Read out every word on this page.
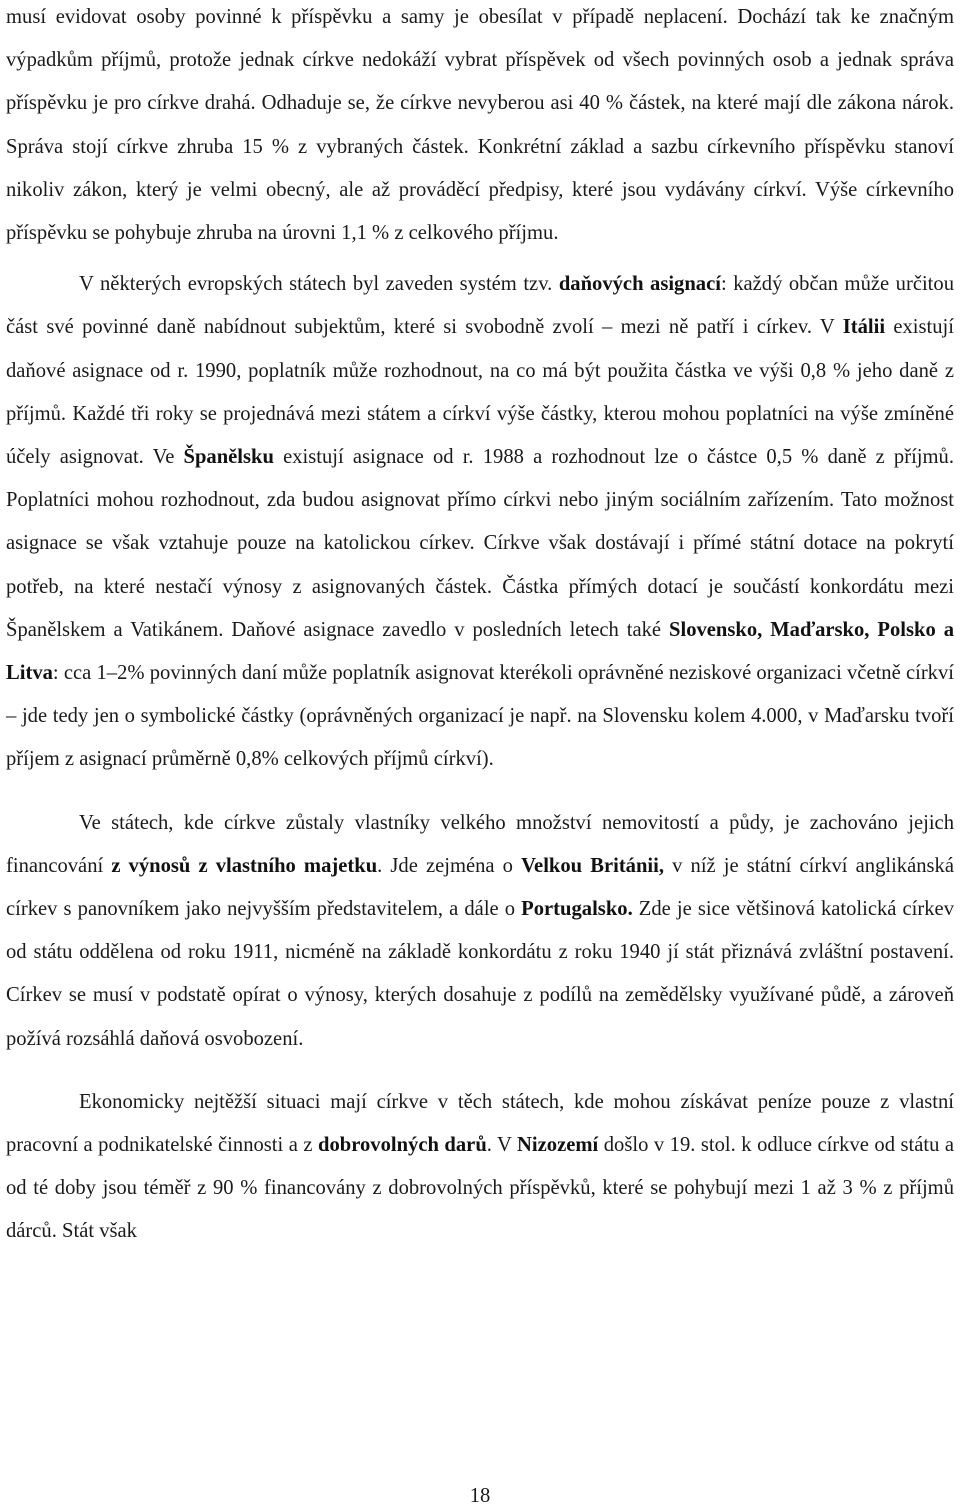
musí evidovat osoby povinné k příspěvku a samy je obesílat v případě neplacení. Dochází tak ke značným výpadkům příjmů, protože jednak církve nedokáží vybrat příspěvek od všech povinných osob a jednak správa příspěvku je pro církve drahá. Odhaduje se, že církve nevyberou asi 40 % částek, na které mají dle zákona nárok. Správa stojí církve zhruba 15 % z vybraných částek. Konkrétní základ a sazbu církevního příspěvku stanoví nikoliv zákon, který je velmi obecný, ale až prováděcí předpisy, které jsou vydávány církví. Výše církevního příspěvku se pohybuje zhruba na úrovni 1,1 % z celkového příjmu.

V některých evropských státech byl zaveden systém tzv. daňových asignací: každý občan může určitou část své povinné daně nabídnout subjektům, které si svobodně zvolí – mezi ně patří i církev. V Itálii existují daňové asignace od r. 1990, poplatník může rozhodnout, na co má být použita částka ve výši 0,8 % jeho daně z příjmů. Každé tři roky se projednává mezi státem a církví výše částky, kterou mohou poplatníci na výše zmíněné účely asignovat. Ve Španělsku existují asignace od r. 1988 a rozhodnout lze o částce 0,5 % daně z příjmů. Poplatníci mohou rozhodnout, zda budou asignovat přímo církvi nebo jiným sociálním zařízením. Tato možnost asignace se však vztahuje pouze na katolickou církev. Církve však dostávají i přímé státní dotace na pokrytí potřeb, na které nestačí výnosy z asignovaných částek. Částka přímých dotací je součástí konkordátu mezi Španělskem a Vatikánem. Daňové asignace zavedlo v posledních letech také Slovensko, Maďarsko, Polsko a Litva: cca 1–2% povinných daní může poplatník asignovat kterékoli oprávněné neziskové organizaci včetně církví – jde tedy jen o symbolické částky (oprávněných organizací je např. na Slovensku kolem 4.000, v Maďarsku tvoří příjem z asignací průměrně 0,8% celkových příjmů církví).

Ve státech, kde církve zůstaly vlastníky velkého množství nemovitostí a půdy, je zachováno jejich financování z výnosů z vlastního majetku. Jde zejména o Velkou Británii, v níž je státní církví anglikánská církev s panovníkem jako nejvyšším představitelem, a dále o Portugalsko. Zde je sice většinová katolická církev od státu oddělena od roku 1911, nicméně na základě konkordátu z roku 1940 jí stát přiznává zvláštní postavení. Církev se musí v podstatě opírat o výnosy, kterých dosahuje z podílů na zemědělsky využívané půdě, a zároveň požívá rozsáhlá daňová osvobození.

Ekonomicky nejtěžší situaci mají církve v těch státech, kde mohou získávat peníze pouze z vlastní pracovní a podnikatelské činnosti a z dobrovolných darů. V Nizozemí došlo v 19. stol. k odluce církve od státu a od té doby jsou téměř z 90 % financovány z dobrovolných příspěvků, které se pohybují mezi 1 až 3 % z příjmů dárců. Stát však

18
